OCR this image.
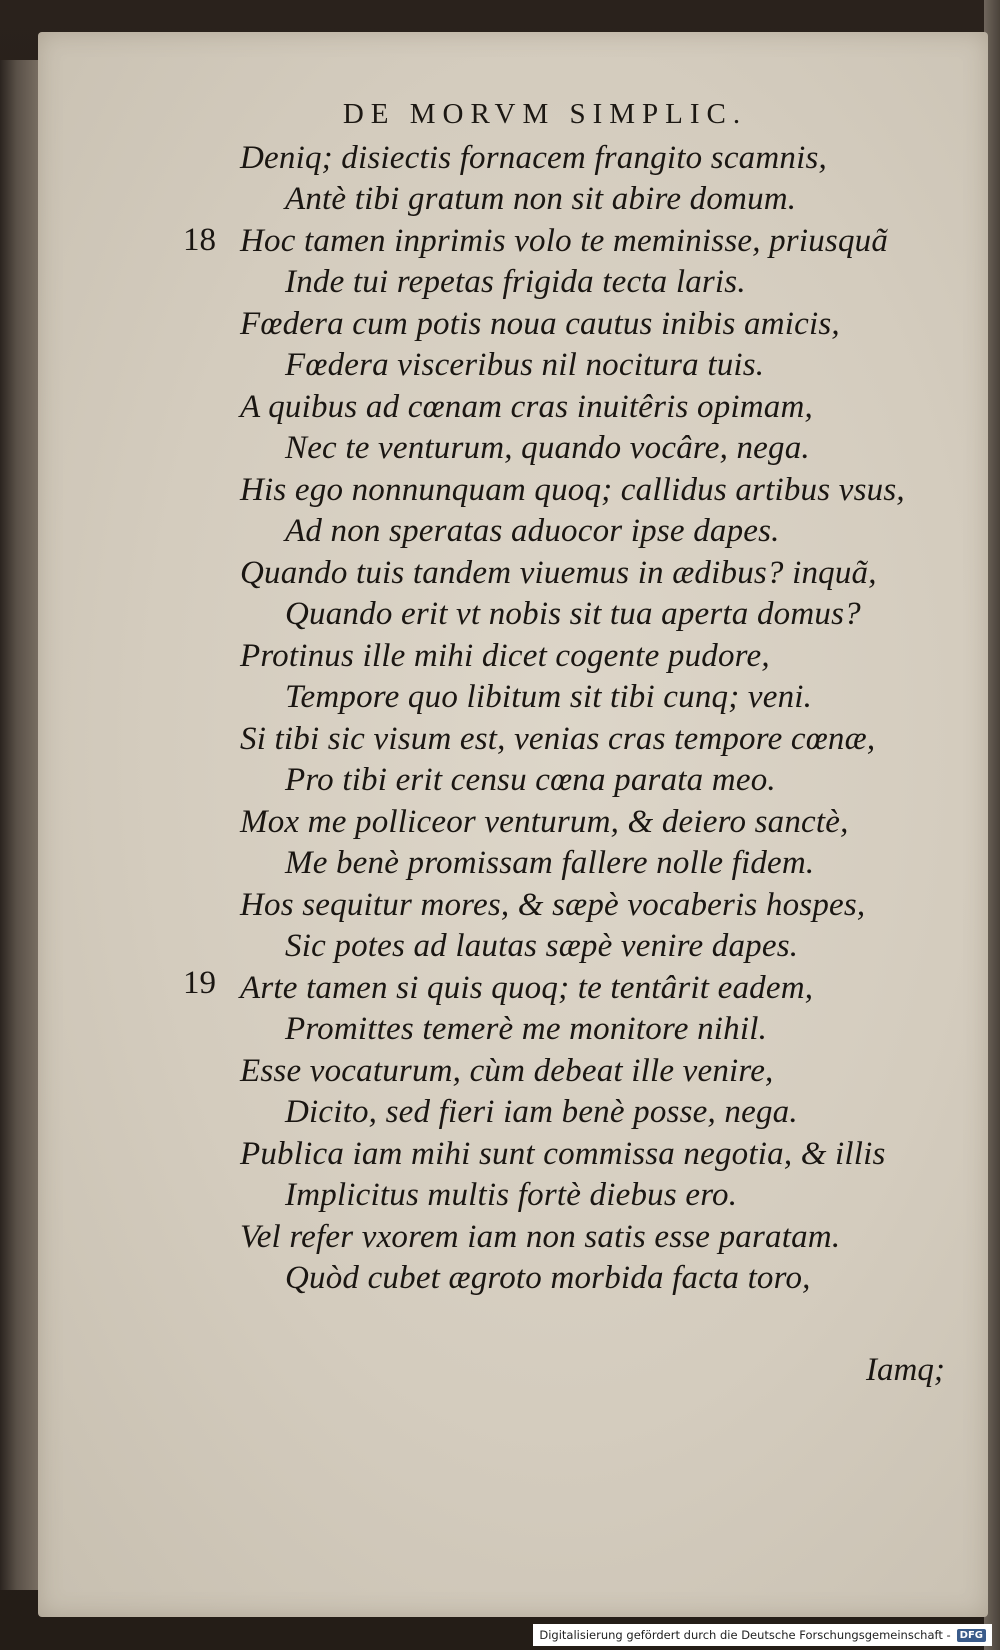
DE MORVM SIMPLIC.
18
19
Deniq; disiectis fornacem frangito scamnis,
Antè tibi gratum non sit abire domum.
Hoc tamen inprimis volo te meminisse, priusquã
Inde tui repetas frigida tecta laris.
Fœdera cum potis noua cautus inibis amicis,
Fœdera visceribus nil nocitura tuis.
A quibus ad cœnam cras inuitêris opimam,
Nec te venturum, quando vocâre, nega.
His ego nonnunquam quoq; callidus artibus vsus,
Ad non speratas aduocor ipse dapes.
Quando tuis tandem viuemus in ædibus? inquã,
Quando erit vt nobis sit tua aperta domus?
Protinus ille mihi dicet cogente pudore,
Tempore quo libitum sit tibi cunq; veni.
Si tibi sic visum est, venias cras tempore cœnæ,
Pro tibi erit censu cœna parata meo.
Mox me polliceor venturum, & deiero sanctè,
Me benè promissam fallere nolle fidem.
Hos sequitur mores, & sæpè vocaberis hospes,
Sic potes ad lautas sæpè venire dapes.
Arte tamen si quis quoq; te tentârit eadem,
Promittes temerè me monitore nihil.
Esse vocaturum, cùm debeat ille venire,
Dicito, sed fieri iam benè posse, nega.
Publica iam mihi sunt commissa negotia, & illis
Implicitus multis fortè diebus ero.
Vel refer vxorem iam non satis esse paratam.
Quòd cubet ægroto morbida facta toro,
Iamq;
Digitalisierung gefördert durch die Deutsche Forschungsgemeinschaft - DFG
